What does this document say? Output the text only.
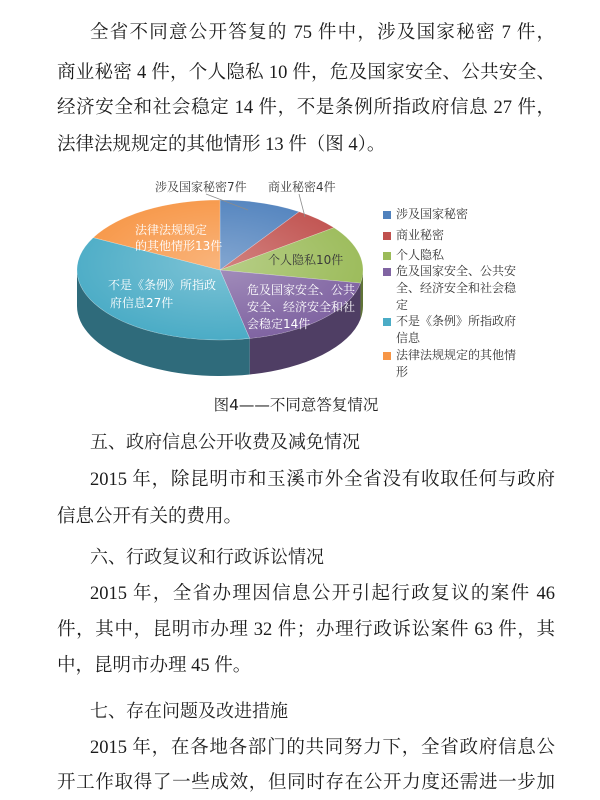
全省不同意公开答复的 75 件中，涉及国家秘密 7 件，
商业秘密 4 件，个人隐私 10 件，危及国家安全、公共安全、
经济安全和社会稳定 14 件，不是条例所指政府信息 27 件，
法律法规规定的其他情形 13 件（图 4）。
涉及国家秘密7件 商业秘密4件
个人隐私10件
危及国家安全、公共
安全、经济安全和社
会稳定14件
不是《条例》所指政
府信息27件
法律法规规定
的其他情形13件
涉及国家秘密
商业秘密
个人隐私
危及国家安全、公共安全、经济安全和社会稳定
不是《条例》所指政府信息
法律法规规定的其他情形
图4——不同意答复情况
五、政府信息公开收费及减免情况
2015 年，除昆明市和玉溪市外全省没有收取任何与政府
信息公开有关的费用。
六、行政复议和行政诉讼情况
2015 年，全省办理因信息公开引起行政复议的案件 46
件，其中，昆明市办理 32 件；办理行政诉讼案件 63 件，其
中，昆明市办理 45 件。
七、存在问题及改进措施
2015 年，在各地各部门的共同努力下，全省政府信息公
开工作取得了一些成效，但同时存在公开力度还需进一步加
